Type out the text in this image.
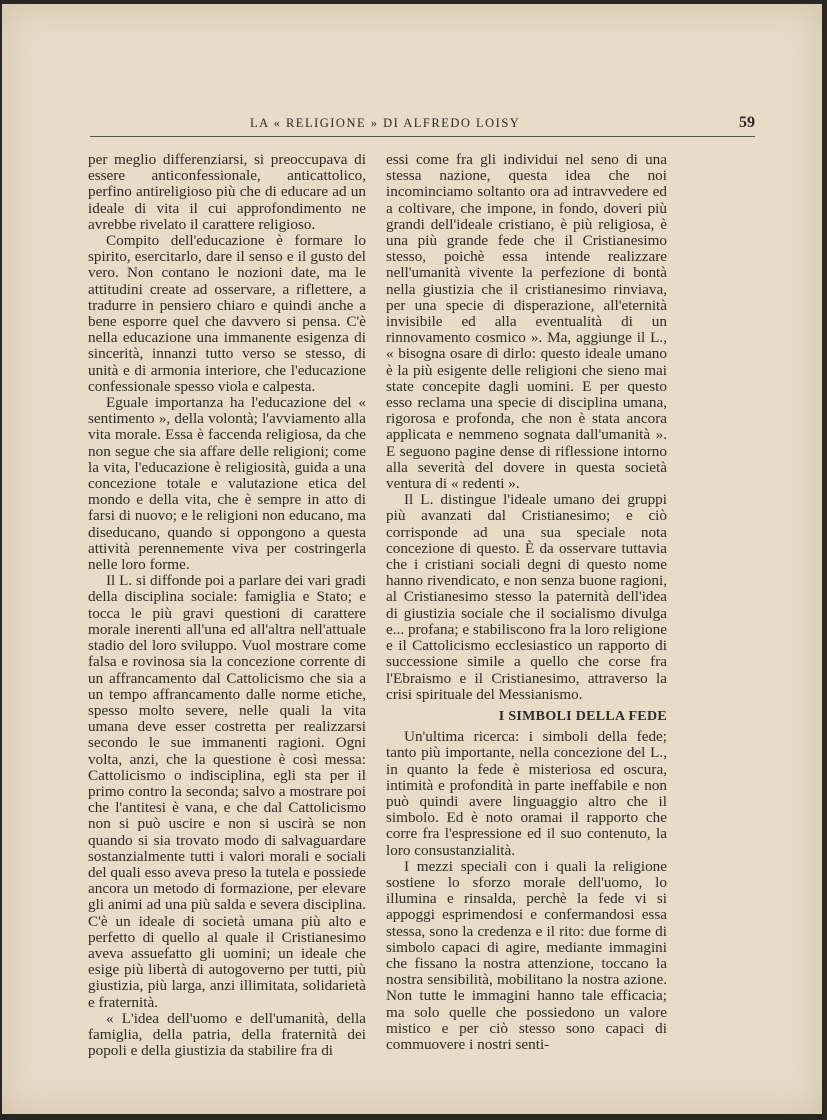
LA « RELIGIONE » DI ALFREDO LOISY	59

per meglio differenziarsi, si preoccupava di essere anticonfessionale, anticattolico, perfino antireligioso più che di educare ad un ideale di vita il cui approfondimento ne avrebbe rivelato il carattere religioso.

Compito dell'educazione è formare lo spirito, esercitarlo, dare il senso e il gusto del vero. Non contano le nozioni date, ma le attitudini create ad osservare, a riflettere, a tradurre in pensiero chiaro e quindi anche a bene esporre quel che davvero si pensa. C'è nella educazione una immanente esigenza di sincerità, innanzi tutto verso se stesso, di unità e di armonia interiore, che l'educazione confessionale spesso viola e calpesta.

Eguale importanza ha l'educazione del « sentimento », della volontà; l'avviamento alla vita morale. Essa è faccenda religiosa, da che non segue che sia affare delle religioni; come la vita, l'educazione è religiosità, guida a una concezione totale e valutazione etica del mondo e della vita, che è sempre in atto di farsi di nuovo; e le religioni non educano, ma diseducano, quando si oppongono a questa attività perennemente viva per costringerla nelle loro forme.

Il L. si diffonde poi a parlare dei vari gradi della disciplina sociale: famiglia e Stato; e tocca le più gravi questioni di carattere morale inerenti all'una ed all'altra nell'attuale stadio del loro sviluppo. Vuol mostrare come falsa e rovinosa sia la concezione corrente di un affrancamento dal Cattolicismo che sia a un tempo affrancamento dalle norme etiche, spesso molto severe, nelle quali la vita umana deve esser costretta per realizzarsi secondo le sue immanenti ragioni. Ogni volta, anzi, che la questione è così messa: Cattolicismo o indisciplina, egli sta per il primo contro la seconda; salvo a mostrare poi che l'antitesi è vana, e che dal Cattolicismo non si può uscire e non si uscirà se non quando si sia trovato modo di salvaguardare sostanzialmente tutti i valori morali e sociali del quali esso aveva preso la tutela e possiede ancora un metodo di formazione, per elevare gli animi ad una più salda e severa disciplina. C'è un ideale di società umana più alto e perfetto di quello al quale il Cristianesimo aveva assuefatto gli uomini; un ideale che esige più libertà di autogoverno per tutti, più giustizia, più larga, anzi illimitata, solidarietà e fraternità.

« L'idea dell'uomo e dell'umanità, della famiglia, della patria, della fraternità dei popoli e della giustizia da stabilire fra di

essi come fra gli individui nel seno di una stessa nazione, questa idea che noi incominciamo soltanto ora ad intravvedere ed a coltivare, che impone, in fondo, doveri più grandi dell'ideale cristiano, è più religiosa, è una più grande fede che il Cristianesimo stesso, poichè essa intende realizzare nell'umanità vivente la perfezione di bontà nella giustizia che il cristianesimo rinviava, per una specie di disperazione, all'eternità invisibile ed alla eventualità di un rinnovamento cosmico ». Ma, aggiunge il L., « bisogna osare di dirlo: questo ideale umano è la più esigente delle religioni che sieno mai state concepite dagli uomini. E per questo esso reclama una specie di disciplina umana, rigorosa e profonda, che non è stata ancora applicata e nemmeno sognata dall'umanità ». E seguono pagine dense di riflessione intorno alla severità del dovere in questa società ventura di « redenti ».

Il L. distingue l'ideale umano dei gruppi più avanzati dal Cristianesimo; e ciò corrisponde ad una sua speciale nota concezione di questo. È da osservare tuttavia che i cristiani sociali degni di questo nome hanno rivendicato, e non senza buone ragioni, al Cristianesimo stesso la paternità dell'idea di giustizia sociale che il socialismo divulga e... profana; e stabiliscono fra la loro religione e il Cattolicismo ecclesiastico un rapporto di successione simile a quello che corse fra l'Ebraismo e il Cristianesimo, attraverso la crisi spirituale del Messianismo.

I SIMBOLI DELLA FEDE

Un'ultima ricerca: i simboli della fede; tanto più importante, nella concezione del L., in quanto la fede è misteriosa ed oscura, intimità e profondità in parte ineffabile e non può quindi avere linguaggio altro che il simbolo. Ed è noto oramai il rapporto che corre fra l'espressione ed il suo contenuto, la loro consustanzialità.

I mezzi speciali con i quali la religione sostiene lo sforzo morale dell'uomo, lo illumina e rinsalda, perchè la fede vi si appoggi esprimendosi e confermandosi essa stessa, sono la credenza e il rito: due forme di simbolo capaci di agire, mediante immagini che fissano la nostra attenzione, toccano la nostra sensibilità, mobilitano la nostra azione. Non tutte le immagini hanno tale efficacia; ma solo quelle che possiedono un valore mistico e per ciò stesso sono capaci di commuovere i nostri senti-
